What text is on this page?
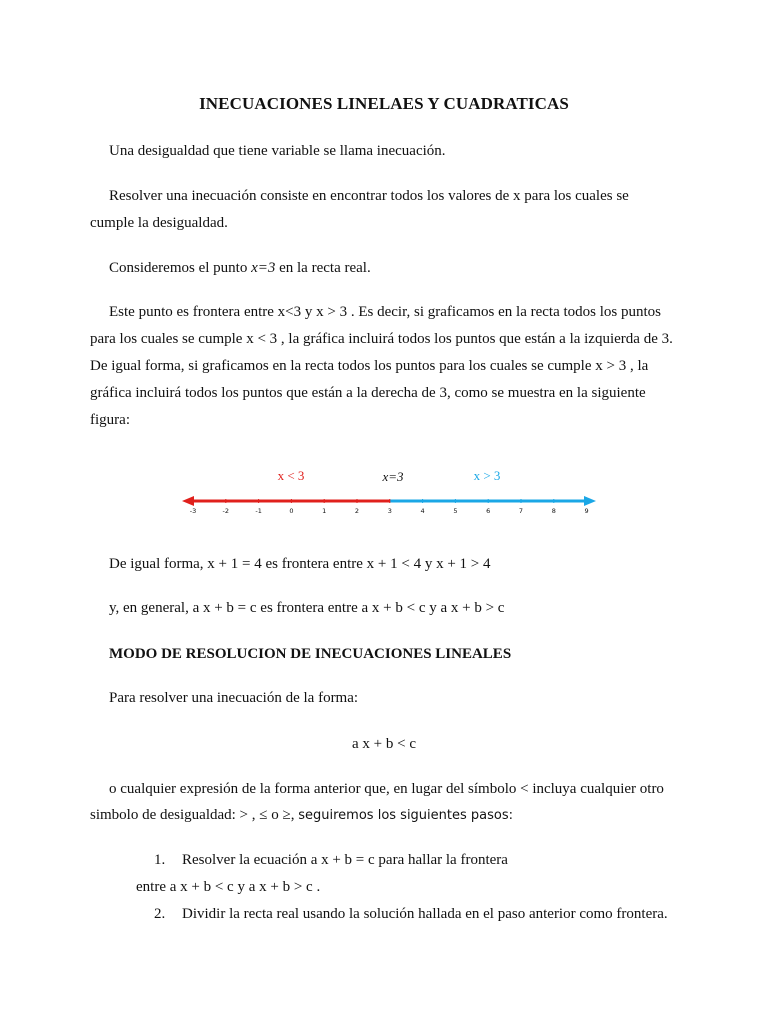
INECUACIONES LINELAES Y CUADRATICAS
Una desigualdad que tiene variable se llama inecuación.
Resolver una inecuación consiste en encontrar todos los valores de x para los cuales se
cumple la desigualdad.
Consideremos el punto x=3 en la recta real.
Este punto es frontera entre x<3 y x > 3 . Es decir, si graficamos en la recta todos los puntos
para los cuales se cumple x < 3 , la gráfica incluirá todos los puntos que están a la izquierda de 3.
De igual forma, si graficamos en la recta todos los puntos para los cuales se cumple x > 3 , la
gráfica incluirá todos los puntos que están a la derecha de 3, como se muestra en la siguiente
figura:
x < 3	x=3	x > 3
-3	-2	-1	0	1	2	3	4	5	6	7	8	9
De igual forma, x + 1 = 4 es frontera entre x + 1 < 4 y x + 1 > 4
y, en general, a x + b = c es frontera entre a x + b < c y a x + b > c
MODO DE RESOLUCION DE INECUACIONES LINEALES
Para resolver una inecuación de la forma:
a x + b < c
o cualquier expresión de la forma anterior que, en lugar del símbolo < incluya cualquier otro
simbolo de desigualdad: > , ≤ o ≥, seguiremos los siguientes pasos:
1. Resolver la ecuación a x + b = c para hallar la frontera
entre a x + b < c y a x + b > c .
2. Dividir la recta real usando la solución hallada en el paso anterior como frontera.
